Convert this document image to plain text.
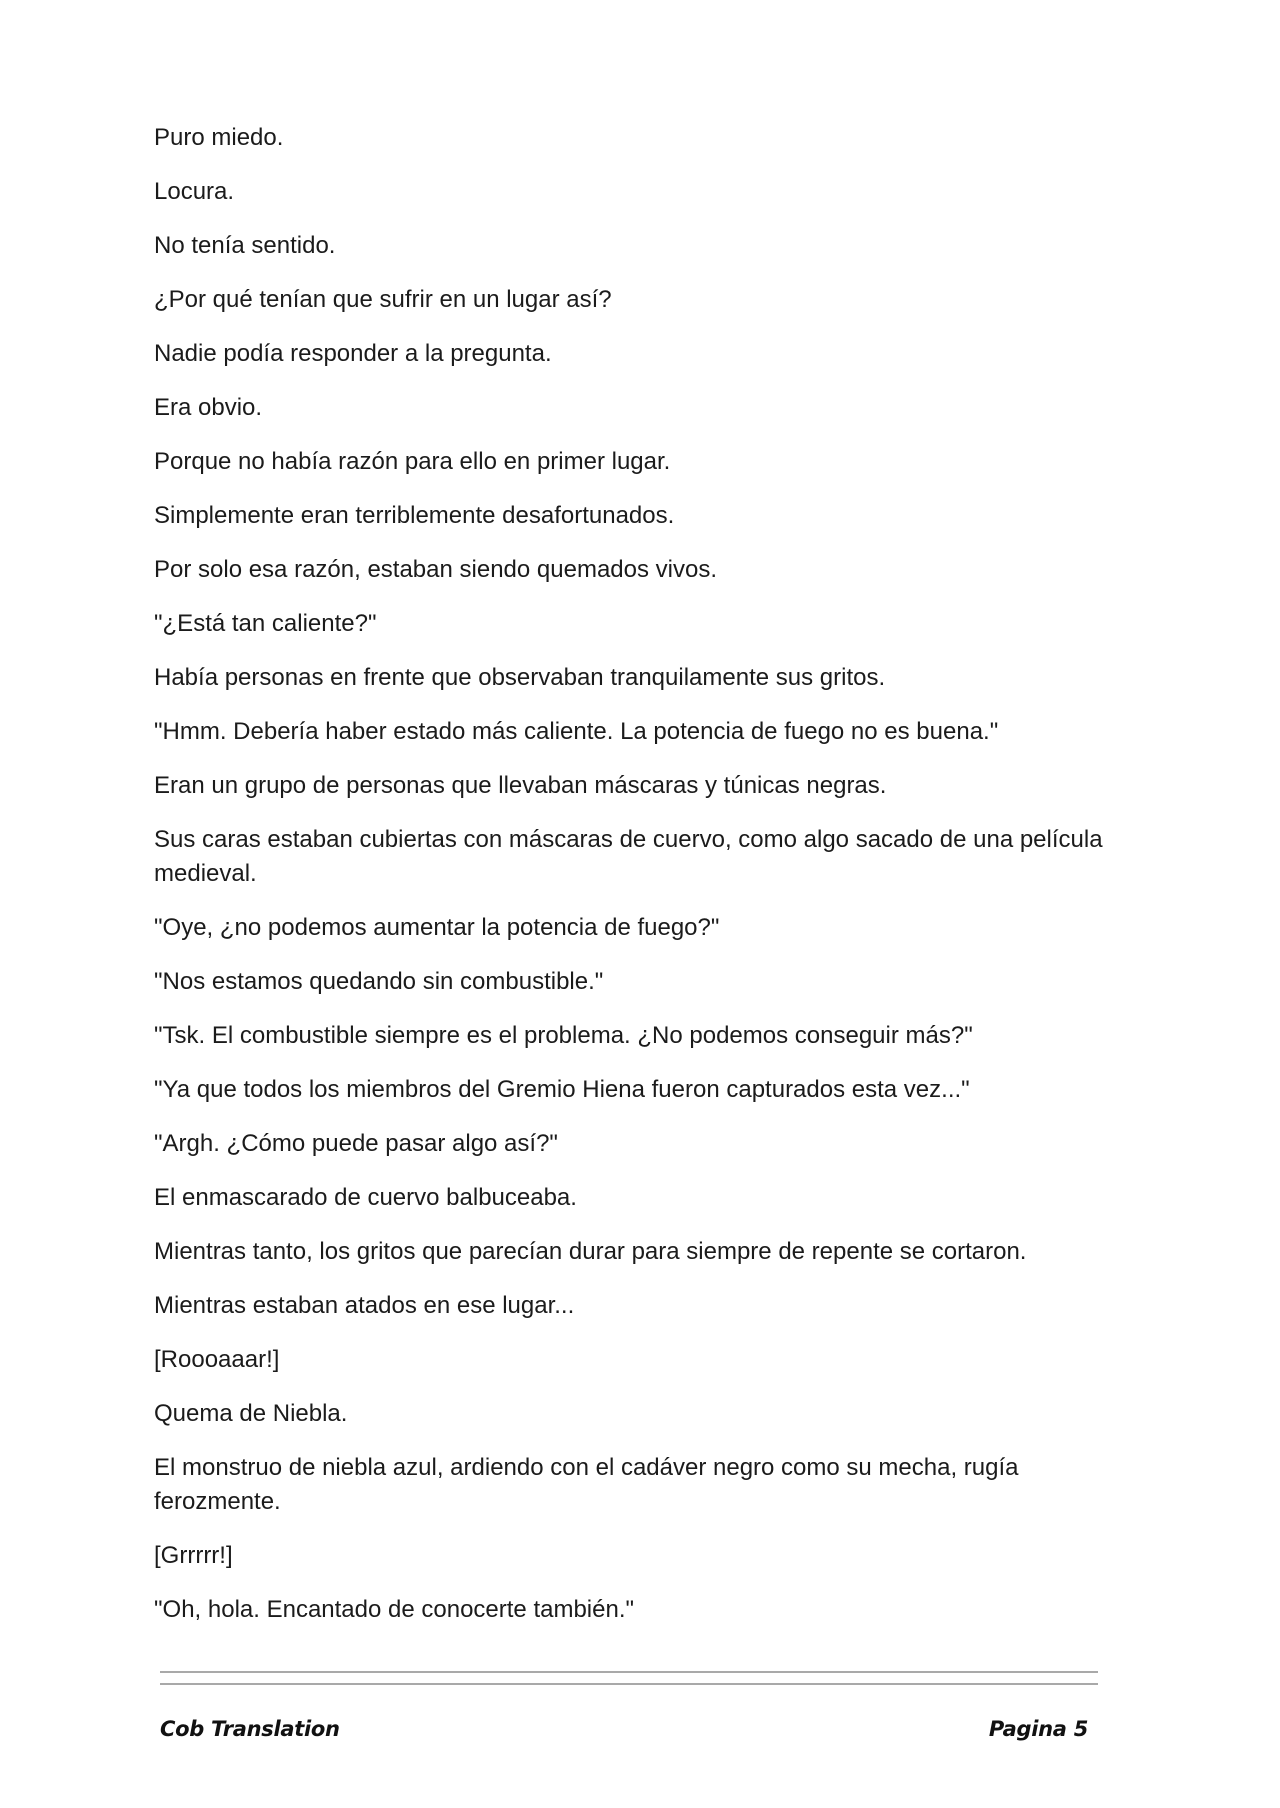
Puro miedo.

Locura.

No tenía sentido.

¿Por qué tenían que sufrir en un lugar así?

Nadie podía responder a la pregunta.

Era obvio.

Porque no había razón para ello en primer lugar.

Simplemente eran terriblemente desafortunados.

Por solo esa razón, estaban siendo quemados vivos.

"¿Está tan caliente?"

Había personas en frente que observaban tranquilamente sus gritos.

"Hmm. Debería haber estado más caliente. La potencia de fuego no es buena."

Eran un grupo de personas que llevaban máscaras y túnicas negras.

Sus caras estaban cubiertas con máscaras de cuervo, como algo sacado de una película medieval.

"Oye, ¿no podemos aumentar la potencia de fuego?"

"Nos estamos quedando sin combustible."

"Tsk. El combustible siempre es el problema. ¿No podemos conseguir más?"

"Ya que todos los miembros del Gremio Hiena fueron capturados esta vez..."

"Argh. ¿Cómo puede pasar algo así?"

El enmascarado de cuervo balbuceaba.

Mientras tanto, los gritos que parecían durar para siempre de repente se cortaron.

Mientras estaban atados en ese lugar...

[Roooaaar!]

Quema de Niebla.

El monstruo de niebla azul, ardiendo con el cadáver negro como su mecha, rugía ferozmente.

[Grrrrr!]

"Oh, hola. Encantado de conocerte también."

Cob Translation	Pagina 5
